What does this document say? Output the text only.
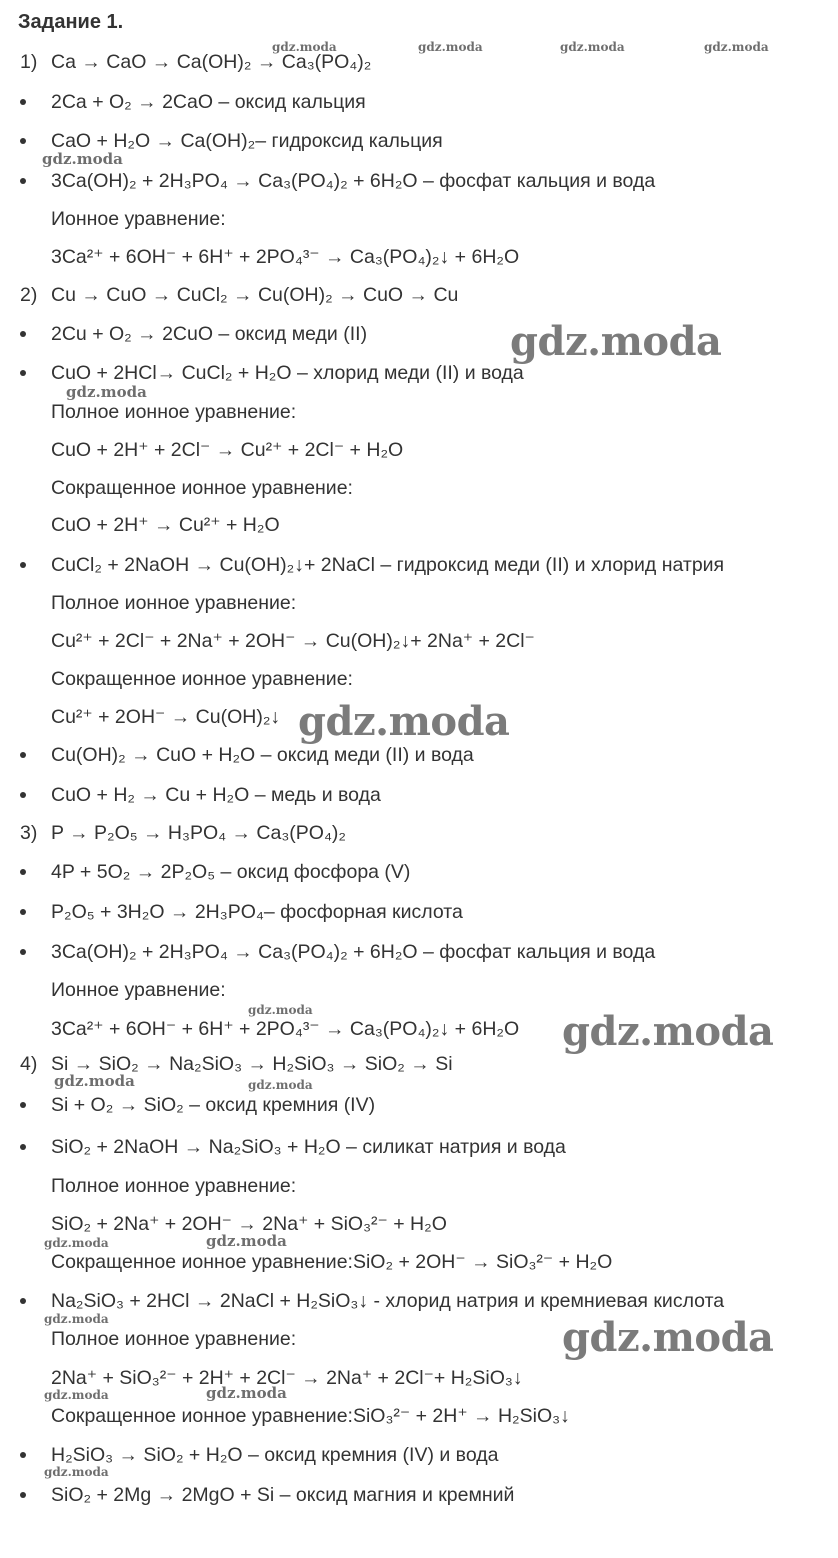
Задание 1.
1) Ca → CaO → Ca(OH)₂ → Ca₃(PO₄)₂
2Ca + O₂ → 2CaO – оксид кальция
CaO + H₂O → Ca(OH)₂– гидроксид кальция
3Ca(OH)₂ + 2H₃PO₄ → Ca₃(PO₄)₂ + 6H₂O – фосфат кальция и вода
Ионное уравнение:
3Ca²⁺ + 6OH⁻ + 6H⁺ + 2PO₄³⁻ → Ca₃(PO₄)₂↓ + 6H₂O
2) Cu → CuO → CuCl₂ → Cu(OH)₂ → CuO → Cu
2Cu + O₂ → 2CuO – оксид меди (II)
CuO + 2HCl→ CuCl₂ + H₂O – хлорид меди (II) и вода
Полное ионное уравнение:
CuO + 2H⁺ + 2Cl⁻ → Cu²⁺ + 2Cl⁻ + H₂O
Сокращенное ионное уравнение:
CuO + 2H⁺ → Cu²⁺ + H₂O
CuCl₂ + 2NaOH → Cu(OH)₂↓+ 2NaCl – гидроксид меди (II) и хлорид натрия
Полное ионное уравнение:
Cu²⁺ + 2Cl⁻ + 2Na⁺ + 2OH⁻ → Cu(OH)₂↓+ 2Na⁺ + 2Cl⁻
Сокращенное ионное уравнение:
Cu²⁺ + 2OH⁻ → Cu(OH)₂↓
Cu(OH)₂ → CuO + H₂O – оксид меди (II) и вода
CuO + H₂ → Cu + H₂O – медь и вода
3) P → P₂O₅ → H₃PO₄ → Ca₃(PO₄)₂
4P + 5O₂ → 2P₂O₅ – оксид фосфора (V)
P₂O₅ + 3H₂O → 2H₃PO₄– фосфорная кислота
3Ca(OH)₂ + 2H₃PO₄ → Ca₃(PO₄)₂ + 6H₂O – фосфат кальция и вода
Ионное уравнение:
3Ca²⁺ + 6OH⁻ + 6H⁺ + 2PO₄³⁻ → Ca₃(PO₄)₂↓ + 6H₂O
4) Si → SiO₂ → Na₂SiO₃ → H₂SiO₃ → SiO₂ → Si
Si + O₂ → SiO₂ – оксид кремния (IV)
SiO₂ + 2NaOH → Na₂SiO₃ + H₂O – силикат натрия и вода
Полное ионное уравнение:
SiO₂ + 2Na⁺ + 2OH⁻ → 2Na⁺ + SiO₃²⁻ + H₂O
Сокращенное ионное уравнение:SiO₂ + 2OH⁻ → SiO₃²⁻ + H₂O
Na₂SiO₃ + 2HCl → 2NaCl + H₂SiO₃↓ - хлорид натрия и кремниевая кислота
Полное ионное уравнение:
2Na⁺ + SiO₃²⁻ + 2H⁺ + 2Cl⁻ → 2Na⁺ + 2Cl⁻+ H₂SiO₃↓
Сокращенное ионное уравнение:SiO₃²⁻ + 2H⁺ → H₂SiO₃↓
H₂SiO₃ → SiO₂ + H₂O – оксид кремния (IV) и вода
SiO₂ + 2Mg → 2MgO + Si – оксид магния и кремний
gdz.moda	gdz.moda	gdz.moda	gdz.moda
gdz.moda
gdz.moda
gdz.moda
gdz.moda
gdz.moda	gdz.moda
gdz.moda	gdz.moda
gdz.moda	gdz.moda
gdz.moda	gdz.moda
gdz.moda	gdz.moda
gdz.moda
